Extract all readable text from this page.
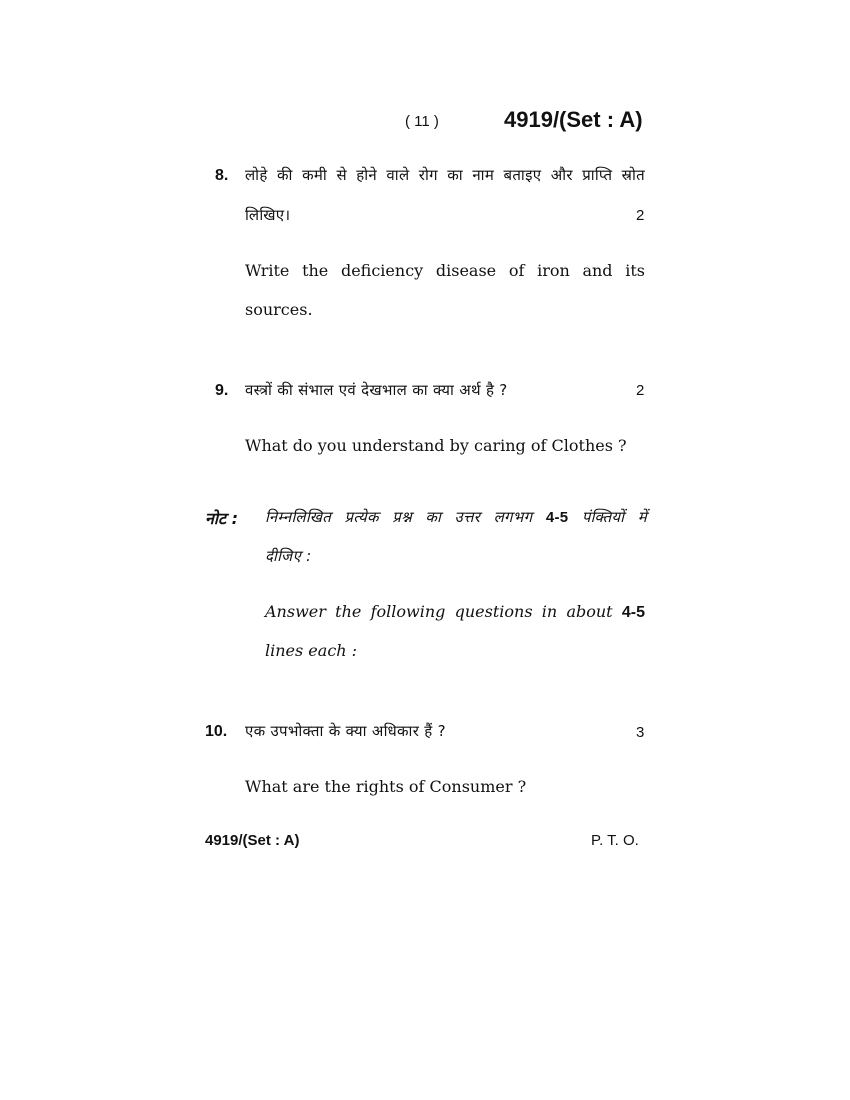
( 11 )	4919/(Set : A)
8. लोहे की कमी से होने वाले रोग का नाम बताइए और प्राप्ति स्रोत
लिखिए।	2
Write the deficiency disease of iron and its
sources.
9. वस्त्रों की संभाल एवं देखभाल का क्या अर्थ है ?	2
What do you understand by caring of Clothes ?
नोट : निम्नलिखित प्रत्येक प्रश्न का उत्तर लगभग 4-5 पंक्तियों में
दीजिए :
Answer the following questions in about 4-5
lines each :
10. एक उपभोक्ता के क्या अधिकार हैं ?	3
What are the rights of Consumer ?
4919/(Set : A)	P. T. O.
